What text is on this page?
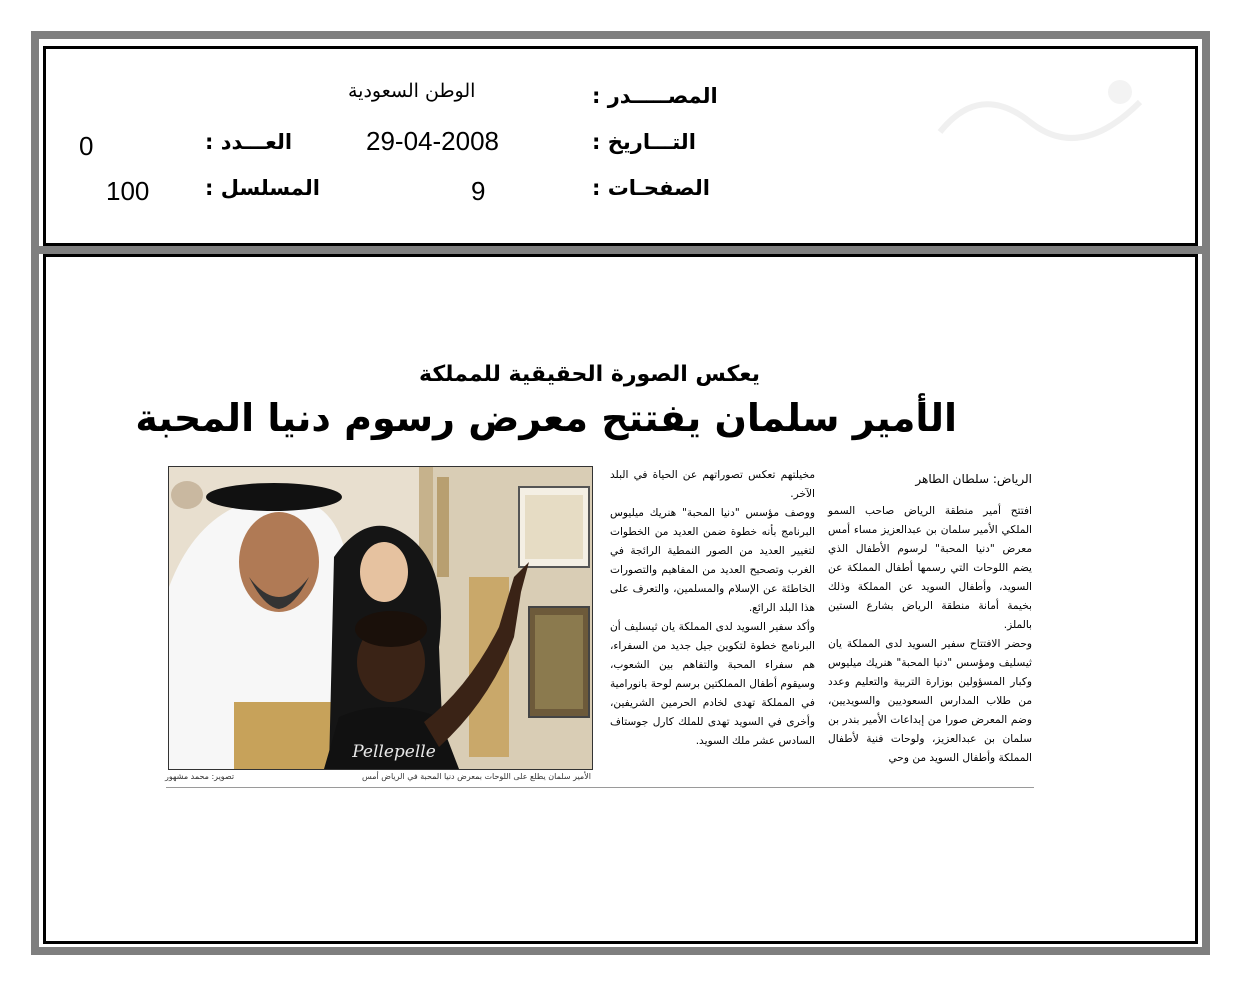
المصـــــدر :
الوطن السعودية
التـــاريخ :
29-04-2008
الصفحـات :
9
العـــدد :
0
المسلسل :
100
يعكس الصورة الحقيقية للمملكة
الأمير سلمان يفتتح معرض رسوم دنيا المحبة
الرياض: سلطان الطاهر

افتتح أمير منطقة الرياض صاحب السمو الملكي الأمير سلمان بن عبدالعزيز مساء أمس معرض "دنيا المحبة" لرسوم الأطفال الذي يضم اللوحات التي رسمها أطفال المملكة عن السويد، وأطفال السويد عن المملكة وذلك بخيمة أمانة منطقة الرياض بشارع الستين بالملز.

وحضر الافتتاح سفير السويد لدى المملكة يان ثيسليف ومؤسس "دنيا المحبة" هنريك ميليوس وكبار المسؤولين بوزارة التربية والتعليم وعدد من طلاب المدارس السعوديين والسويديين، وضم المعرض صورا من إبداعات الأمير بندر بن سلمان بن عبدالعزيز، ولوحات فنية لأطفال المملكة وأطفال السويد من وحي

مخيلتهم تعكس تصوراتهم عن الحياة في البلد الآخر.

ووصف مؤسس "دنيا المحبة" هنريك ميليوس البرنامج بأنه خطوة ضمن العديد من الخطوات لتغيير العديد من الصور النمطية الرائجة في الغرب وتصحيح العديد من المفاهيم والتصورات الخاطئة عن الإسلام والمسلمين، والتعرف على هذا البلد الرائع.

وأكد سفير السويد لدى المملكة يان ثيسليف أن البرنامج خطوة لتكوين جيل جديد من السفراء، هم سفراء المحبة والتفاهم بين الشعوب، وسيقوم أطفال المملكتين برسم لوحة بانورامية في المملكة تهدى لخادم الحرمين الشريفين، وأخرى في السويد تهدى للملك كارل جوستاف السادس عشر ملك السويد.

Pellepelle
الأمير سلمان يطلع على اللوحات بمعرض دنيا المحبة في الرياض أمس
تصوير: محمد مشهور
